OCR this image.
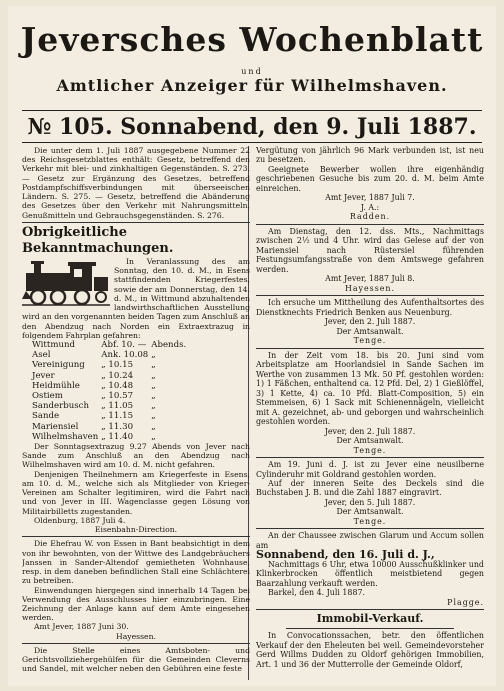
Jeversches Wochenblatt
und
Amtlicher Anzeiger für Wilhelmshaven.
№ 105. Sonnabend, den 9. Juli 1887.

Die unter dem 1. Juli 1887 ausgegebene Nummer 22 des Reichsgesetzblattes enthält: Gesetz, betreffend den Verkehr mit blei- und zinkhaltigen Gegenständen. S. 273. — Gesetz zur Ergänzung des Gesetzes, betreffend Postdampfschiffsverbindungen mit überseeischen Ländern. S. 275. — Gesetz, betreffend die Abänderung des Gesetzes über den Verkehr mit Nahrungsmitteln, Genußmitteln und Gebrauchsgegenständen. S. 276.

Obrigkeitliche Bekanntmachungen.

In Veranlassung des am Sonntag, den 10. d. M., in Esens stattfindenden Kriegerfestes, sowie der am Donnerstag, den 14. d. M., in Wittmund abzuhaltenden landwirthschaftlichen Ausstellung wird an den vorgenannten beiden Tagen zum Anschluß an den Abendzug nach Norden ein Extraextrazug in folgendem Fahrplan gefahren:

Wittmund	Abf. 10. —	Abends.
Asel	Ank. 10.08	„
Vereinigung	„ 10.15	„
Jever	„ 10.24	„
Heidmühle	„ 10.48	„
Ostiem	„ 10.57	„
Sanderbusch	„ 11.05	„
Sande	„ 11.15	„
Mariensiel	„ 11.30	„
Wilhelmshaven	„ 11.40	„

Der Sonntagsextrazug 9.27 Abends von Jever nach Sande zum Anschluß an den Abendzug nach Wilhelmshaven wird am 10. d. M. nicht gefahren.

Denjenigen Theilnehmern am Kriegerfeste in Esens, am 10. d. M., welche sich als Mitglieder von Krieger-Vereinen am Schalter legitimiren, wird die Fahrt nach und von Jever in III. Wagenclasse gegen Lösung von Militairbilletts zugestanden.

Oldenburg, 1887 Juli 4.

Eisenbahn-Direction.

Die Ehefrau W. von Essen in Bant beabsichtigt in dem von ihr bewohnten, von der Wittwe des Landgebräuchers Janssen in Sander-Altendof gemietheten Wohnhause, resp. in dem daneben befindlichen Stall eine Schlächterei zu betreiben.

Einwendungen hiergegen sind innerhalb 14 Tagen bei Verwendung des Ausschlusses hier einzubringen. Eine Zeichnung der Anlage kann auf dem Amte eingesehen werden.

Amt Jever, 1887 Juni 30.

Hayessen.

Die Stelle eines Amtsboten- und Gerichtsvollziehergehülfen für die Gemeinden Cleverns und Sandel, mit welcher neben den Gebühren eine feste

Vergütung von jährlich 96 Mark verbunden ist, ist neu zu besetzen.

Geeignete Bewerber wollen ihre eigenhändig geschriebenen Gesuche bis zum 20. d. M. beim Amte einreichen.

Amt Jever, 1887 Juli 7.

J. A.:

Radden.

Am Dienstag, den 12. dss. Mts., Nachmittags zwischen 2½ und 4 Uhr. wird das Gelese auf der von Mariensiel nach Rüstersiel führenden Festungsumfangsstraße von dem Amtswege gefahren werden.

Amt Jever, 1887 Juli 8.

Hayessen.

Ich ersuche um Mittheilung des Aufenthaltsortes des Dienstknechts Friedrich Benken aus Neuenburg.

Jever, den 2. Juli 1887.

Der Amtsanwalt.

Tenge.

In der Zeit vom 18. bis 20. Juni sind vom Arbeitsplatze am Hoorlandsiel in Sande Sachen im Werthe von zusammen 13 Mk. 50 Pf. gestohlen worden: 1) 1 Fäßchen, enthaltend ca. 12 Pfd. Del, 2) 1 Gießlöffel, 3) 1 Kette, 4) ca. 10 Pfd. Blatt-Composition, 5) ein Stemmeisen, 6) 1 Sack mit Schienennägeln, vielleicht mit A. gezeichnet, ab- und geborgen und wahrscheinlich gestohlen worden.

Jever, den 2. Juli 1887.

Der Amtsanwalt.

Tenge.

Am 19. Juni d. J. ist zu Jever eine neusilberne Cylinderuhr mit Goldrand gestohlen worden.

Auf der inneren Seite des Deckels sind die Buchstaben J. B. und die Zahl 1887 eingravirt.

Jever, den 5. Juli 1887.

Der Amtsanwalt.

Tenge.

An der Chaussee zwischen Glarum und Accum sollen am

Sonnabend, den 16. Juli d. J.,

Nachmittags 6 Uhr, etwa 10000 Ausschußklinker und Klinkerbrocken öffentlich meistbietend gegen Baarzahlung verkauft werden.

Barkel, den 4. Juli 1887.

Plagge.

Immobil-Verkauf.

In Convocationssachen, betr. den öffentlichen Verkauf der den Eheleuten bei weil. Gemeindevorsteher Gerd Willms Dudden zu Oldorf gehörigen Immobilien, Art. 1 und 36 der Mutterrolle der Gemeinde Oldorf,
